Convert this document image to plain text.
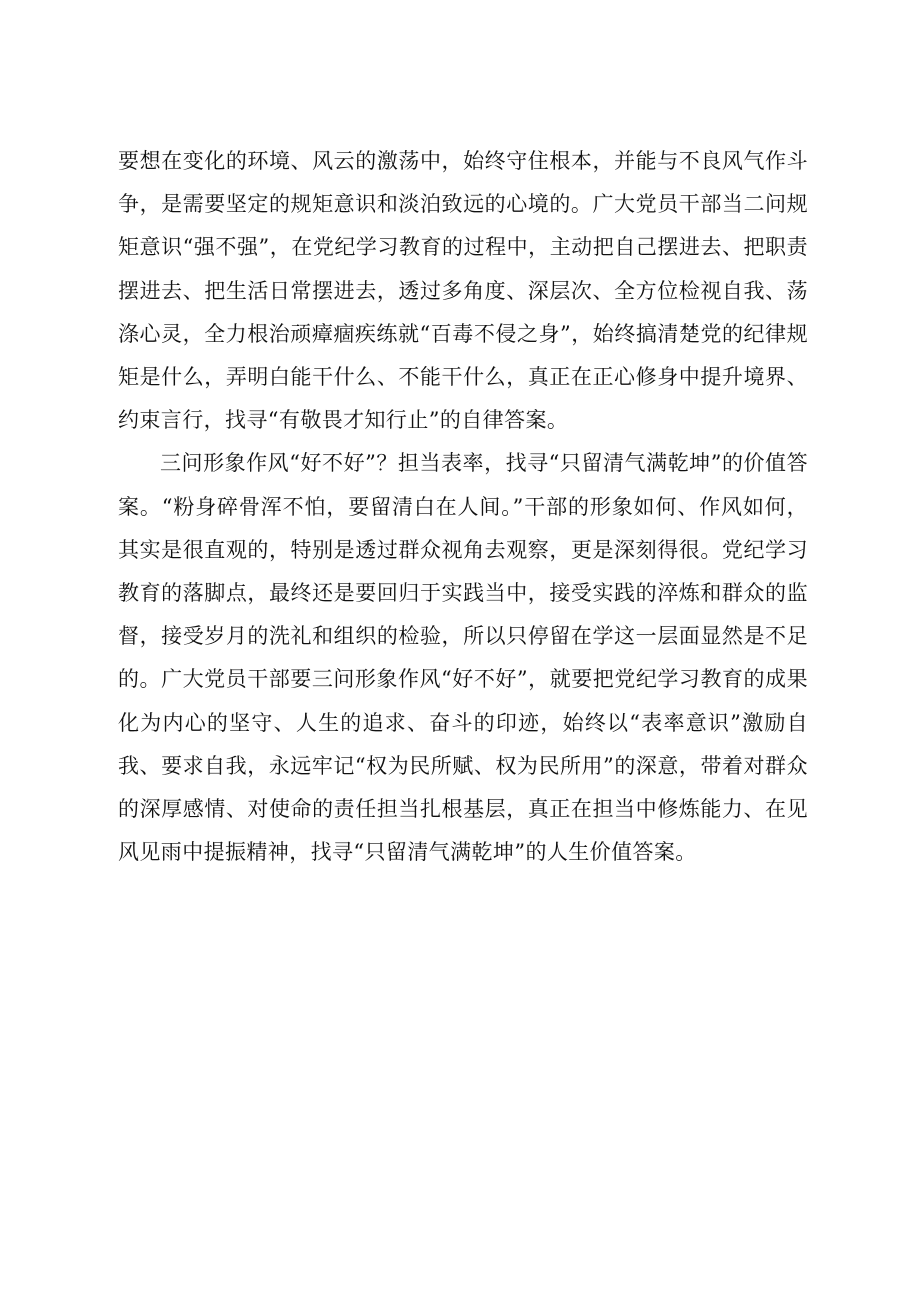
要想在变化的环境、风云的激荡中，始终守住根本，并能与不良风气作斗争，是需要坚定的规矩意识和淡泊致远的心境的。广大党员干部当二问规矩意识“强不强”，在党纪学习教育的过程中，主动把自己摆进去、把职责摆进去、把生活日常摆进去，透过多角度、深层次、全方位检视自我、荡涤心灵，全力根治顽瘴痼疾练就“百毒不侵之身”，始终搞清楚党的纪律规矩是什么，弄明白能干什么、不能干什么，真正在正心修身中提升境界、约束言行，找寻“有敬畏才知行止”的自律答案。

三问形象作风“好不好”？担当表率，找寻“只留清气满乾坤”的价值答案。“粉身碎骨浑不怕，要留清白在人间。”干部的形象如何、作风如何，其实是很直观的，特别是透过群众视角去观察，更是深刻得很。党纪学习教育的落脚点，最终还是要回归于实践当中，接受实践的淬炼和群众的监督，接受岁月的洗礼和组织的检验，所以只停留在学这一层面显然是不足的。广大党员干部要三问形象作风“好不好”，就要把党纪学习教育的成果化为内心的坚守、人生的追求、奋斗的印迹，始终以“表率意识”激励自我、要求自我，永远牢记“权为民所赋、权为民所用”的深意，带着对群众的深厚感情、对使命的责任担当扎根基层，真正在担当中修炼能力、在见风见雨中提振精神，找寻“只留清气满乾坤”的人生价值答案。
